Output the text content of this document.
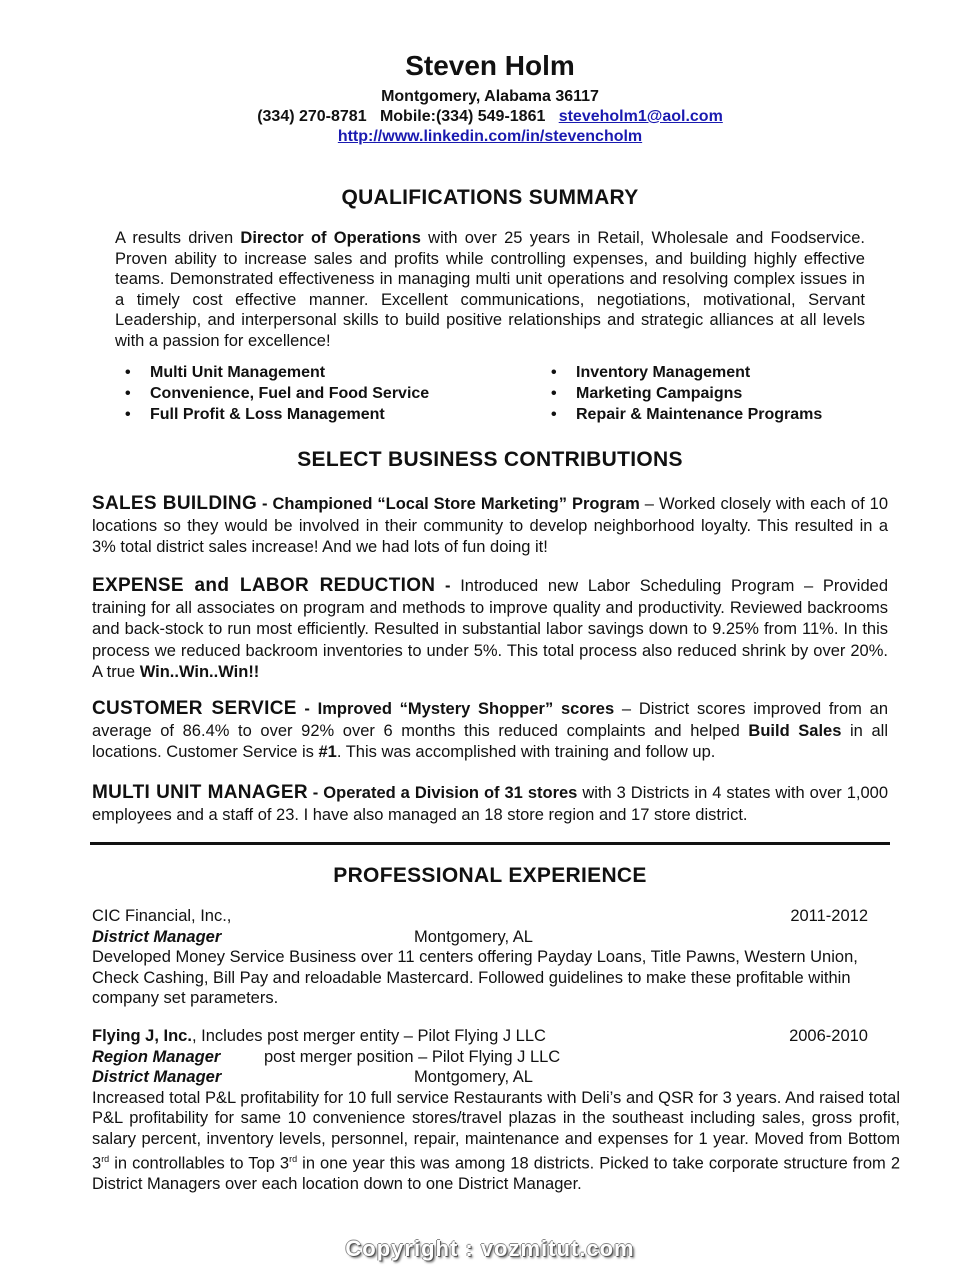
Steven Holm
Montgomery, Alabama 36117
(334) 270-8781 Mobile:(334) 549-1861 steveholm1@aol.com
http://www.linkedin.com/in/stevencholm
QUALIFICATIONS SUMMARY
A results driven Director of Operations with over 25 years in Retail, Wholesale and Foodservice. Proven ability to increase sales and profits while controlling expenses, and building highly effective teams. Demonstrated effectiveness in managing multi unit operations and resolving complex issues in a timely cost effective manner. Excellent communications, negotiations, motivational, Servant Leadership, and interpersonal skills to build positive relationships and strategic alliances at all levels with a passion for excellence!
• Multi Unit Management
• Convenience, Fuel and Food Service
• Full Profit & Loss Management
• Inventory Management
• Marketing Campaigns
• Repair & Maintenance Programs
SELECT BUSINESS CONTRIBUTIONS
SALES BUILDING - Championed “Local Store Marketing” Program – Worked closely with each of 10 locations so they would be involved in their community to develop neighborhood loyalty. This resulted in a 3% total district sales increase! And we had lots of fun doing it!
EXPENSE and LABOR REDUCTION - Introduced new Labor Scheduling Program – Provided training for all associates on program and methods to improve quality and productivity. Reviewed backrooms and back-stock to run most efficiently. Resulted in substantial labor savings down to 9.25% from 11%. In this process we reduced backroom inventories to under 5%. This total process also reduced shrink by over 20%. A true Win..Win..Win!!
CUSTOMER SERVICE - Improved “Mystery Shopper” scores – District scores improved from an average of 86.4% to over 92% over 6 months this reduced complaints and helped Build Sales in all locations. Customer Service is #1. This was accomplished with training and follow up.
MULTI UNIT MANAGER - Operated a Division of 31 stores with 3 Districts in 4 states with over 1,000 employees and a staff of 23. I have also managed an 18 store region and 17 store district.
PROFESSIONAL EXPERIENCE
CIC Financial, Inc.,	2011-2012
District Manager	Montgomery, AL
Developed Money Service Business over 11 centers offering Payday Loans, Title Pawns, Western Union, Check Cashing, Bill Pay and reloadable Mastercard. Followed guidelines to make these profitable within company set parameters.
Flying J, Inc., Includes post merger entity – Pilot Flying J LLC	2006-2010
Region Manager	post merger position – Pilot Flying J LLC
District Manager	Montgomery, AL
Increased total P&L profitability for 10 full service Restaurants with Deli’s and QSR for 3 years. And raised total P&L profitability for same 10 convenience stores/travel plazas in the southeast including sales, gross profit, salary percent, inventory levels, personnel, repair, maintenance and expenses for 1 year. Moved from Bottom 3rd in controllables to Top 3rd in one year this was among 18 districts. Picked to take corporate structure from 2 District Managers over each location down to one District Manager.
Copyright : vozmitut.com
